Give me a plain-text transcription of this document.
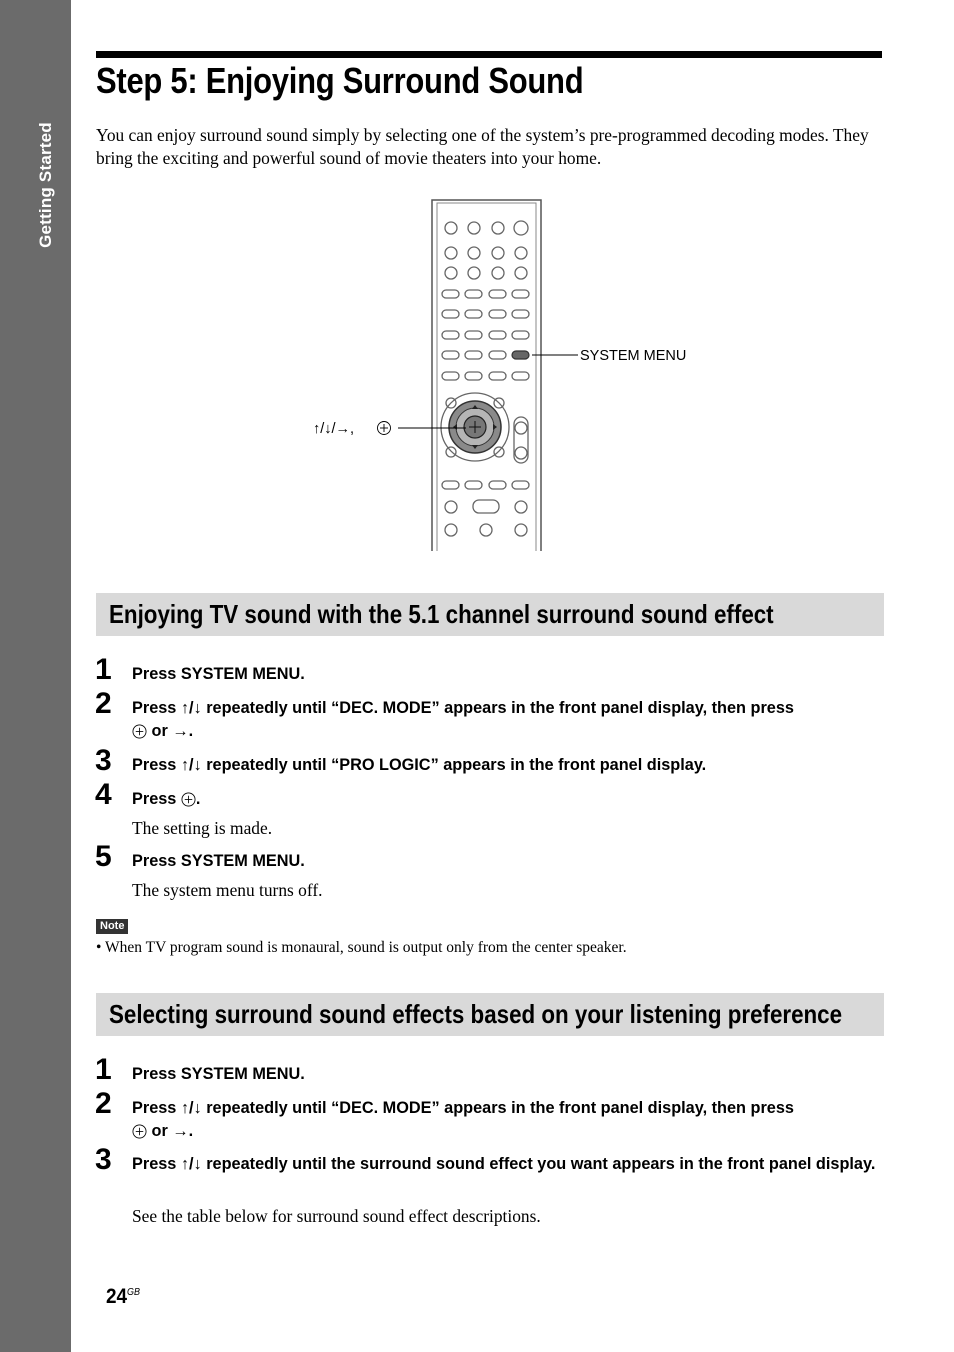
Getting Started
Step 5: Enjoying Surround Sound

You can enjoy surround sound simply by selecting one of the system’s pre-programmed decoding modes. They bring the exciting and powerful sound of movie theaters into your home.

SYSTEM MENU
↑/↓/→,
Enjoying TV sound with the 5.1 channel surround sound effect
1 Press SYSTEM MENU.

2 Press ↑/↓ repeatedly until “DEC. MODE” appears in the front panel display, then press
or →.

3 Press ↑/↓ repeatedly until “PRO LOGIC” appears in the front panel display.

4 Press .

The setting is made.

5 Press SYSTEM MENU.

The system menu turns off.

Note

• When TV program sound is monaural, sound is output only from the center speaker.

Selecting surround sound effects based on your listening preference
1 Press SYSTEM MENU.

2 Press ↑/↓ repeatedly until “DEC. MODE” appears in the front panel display, then press
or →.

3 Press ↑/↓ repeatedly until the surround sound effect you want appears in the front panel display.

See the table below for surround sound effect descriptions.

$24^{GB}$
